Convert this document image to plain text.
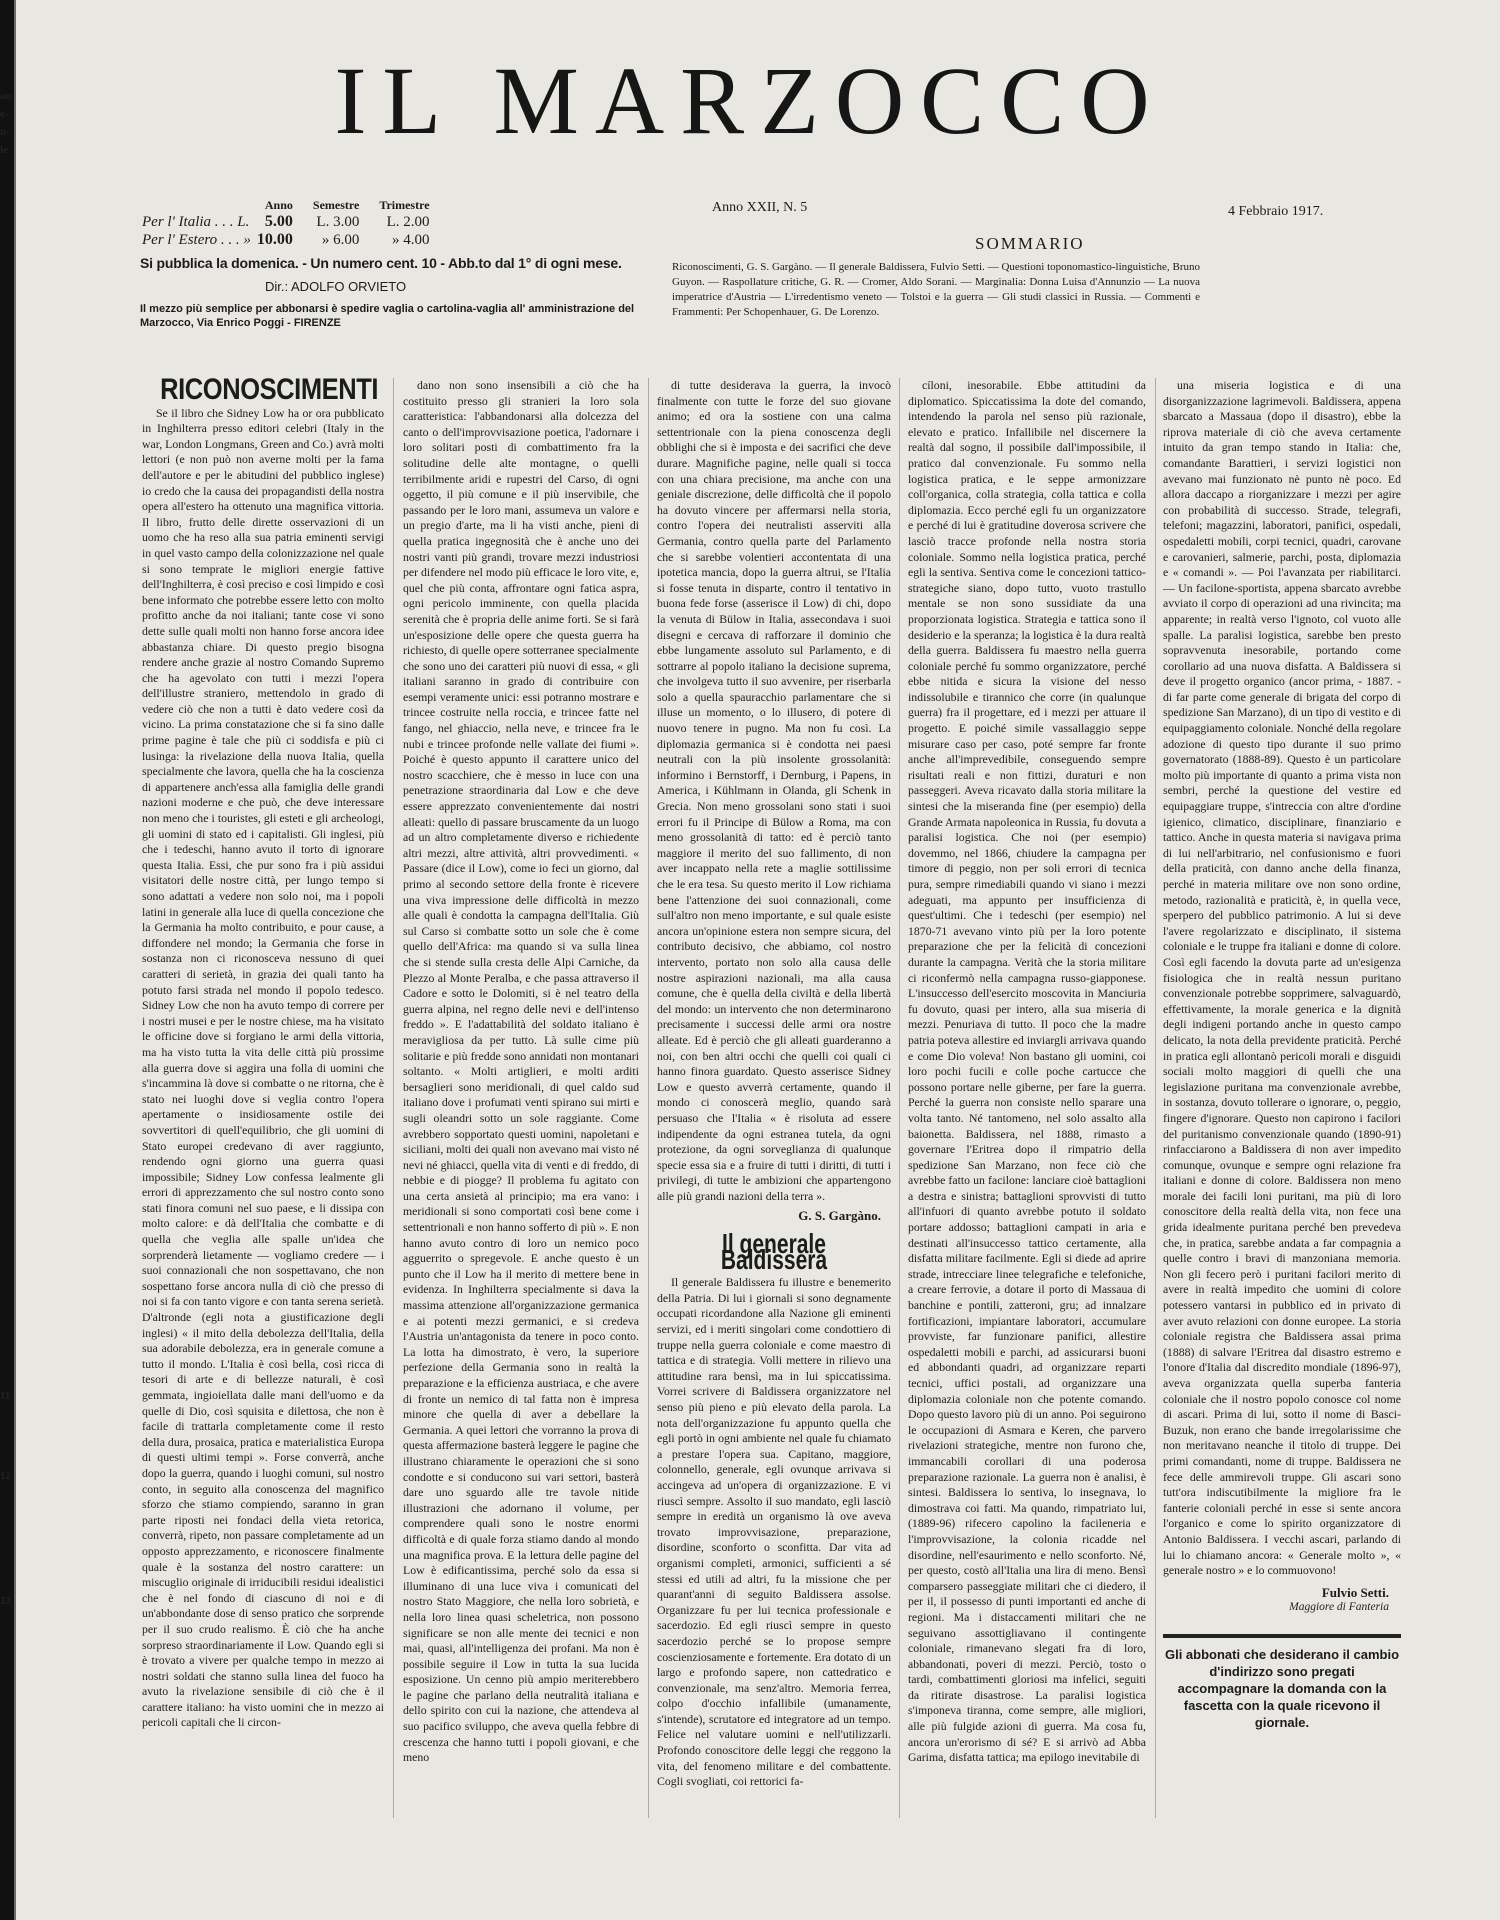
ao
e-
n-
le
11
12
13
IL MARZOCCO
	Anno	Semestre	Trimestre
Per l' Italia . . . L.	5.00	L. 3.00	L. 2.00
Per l' Estero . . . »	10.00	» 6.00	» 4.00
Si pubblica la domenica. - Un numero cent. 10 - Abb.to dal 1° di ogni mese.
Dir.: ADOLFO ORVIETO
Il mezzo più semplice per abbonarsi è spedire vaglia o cartolina-vaglia all' amministrazione del Marzocco, Via Enrico Poggi - FIRENZE
Anno XXII, N. 5	4 Febbraio 1917.
SOMMARIO
Riconoscimenti, G. S. Gargàno. — Il generale Baldissera, Fulvio Setti. — Questioni toponomastico-linguistiche, Bruno Guyon. — Raspollature critiche, G. R. — Cromer, Aldo Sorani. — Marginalia: Donna Luisa d'Annunzio — La nuova imperatrice d'Austria — L'irredentismo veneto — Tolstoi e la guerra — Gli studi classici in Russia. — Commenti e Frammenti: Per Schopenhauer, G. De Lorenzo.
RICONOSCIMENTI

Se il libro che Sidney Low ha or ora pubblicato in Inghilterra presso editori celebri (Italy in the war, London Longmans, Green and Co.) avrà molti lettori (e non può non averne molti per la fama dell'autore e per le abitudini del pubblico inglese) io credo che la causa dei propagandisti della nostra opera all'estero ha ottenuto una magnifica vittoria. Il libro, frutto delle dirette osservazioni di un uomo che ha reso alla sua patria eminenti servigi in quel vasto campo della colonizzazione nel quale si sono temprate le migliori energie fattive dell'Inghilterra, è così preciso e così limpido e così bene informato che potrebbe essere letto con molto profitto anche da noi italiani; tante cose vi sono dette sulle quali molti non hanno forse ancora idee abbastanza chiare. Di questo pregio bisogna rendere anche grazie al nostro Comando Supremo che ha agevolato con tutti i mezzi l'opera dell'illustre straniero, mettendolo in grado di vedere ciò che non a tutti è dato vedere così da vicino. La prima constatazione che si fa sino dalle prime pagine è tale che più ci soddisfa e più ci lusinga: la rivelazione della nuova Italia, quella specialmente che lavora, quella che ha la coscienza di appartenere anch'essa alla famiglia delle grandi nazioni moderne e che può, che deve interessare non meno che i touristes, gli esteti e gli archeologi, gli uomini di stato ed i capitalisti. Gli inglesi, più che i tedeschi, hanno avuto il torto di ignorare questa Italia. Essi, che pur sono fra i più assidui visitatori delle nostre città, per lungo tempo si sono adattati a vedere non solo noi, ma i popoli latini in generale alla luce di quella concezione che la Germania ha molto contribuito, e pour cause, a diffondere nel mondo; la Germania che forse in sostanza non ci riconosceva nessuno di quei caratteri di serietà, in grazia dei quali tanto ha potuto farsi strada nel mondo il popolo tedesco. Sidney Low che non ha avuto tempo di correre per i nostri musei e per le nostre chiese, ma ha visitato le officine dove si forgiano le armi della vittoria, ma ha visto tutta la vita delle città più prossime alla guerra dove si aggira una folla di uomini che s'incammina là dove si combatte o ne ritorna, che è stato nei luoghi dove si veglia contro l'opera apertamente o insidiosamente ostile dei sovvertitori di quell'equilibrio, che gli uomini di Stato europei credevano di aver raggiunto, rendendo ogni giorno una guerra quasi impossibile; Sidney Low confessa lealmente gli errori di apprezzamento che sul nostro conto sono stati finora comuni nel suo paese, e li dissipa con molto calore: e dà dell'Italia che combatte e di quella che veglia alle spalle un'idea che sorprenderà lietamente — vogliamo credere — i suoi connazionali che non sospettavano, che non sospettano forse ancora nulla di ciò che presso di noi si fa con tanto vigore e con tanta serena serietà. D'altronde (egli nota a giustificazione degli inglesi) « il mito della debolezza dell'Italia, della sua adorabile debolezza, era in generale comune a tutto il mondo. L'Italia è così bella, così ricca di tesori di arte e di bellezze naturali, è così gemmata, ingioiellata dalle mani dell'uomo e da quelle di Dio, così squisita e dilettosa, che non è facile di trattarla completamente come il resto della dura, prosaica, pratica e materialistica Europa di questi ultimi tempi ». Forse converrà, anche dopo la guerra, quando i luoghi comuni, sul nostro conto, in seguito alla conoscenza del magnifico sforzo che stiamo compiendo, saranno in gran parte riposti nei fondaci della vieta retorica, converrà, ripeto, non passare completamente ad un opposto apprezzamento, e riconoscere finalmente quale è la sostanza del nostro carattere: un miscuglio originale di irriducibili residui idealistici che è nel fondo di ciascuno di noi e di un'abbondante dose di senso pratico che sorprende per il suo crudo realismo. È ciò che ha anche sorpreso straordinariamente il Low. Quando egli si è trovato a vivere per qualche tempo in mezzo ai nostri soldati che stanno sulla linea del fuoco ha avuto la rivelazione sensibile di ciò che è il carattere italiano: ha visto uomini che in mezzo ai pericoli capitali che li circon-

dano non sono insensibili a ciò che ha costituito presso gli stranieri la loro sola caratteristica: l'abbandonarsi alla dolcezza del canto o dell'improvvisazione poetica, l'adornare i loro solitari posti di combattimento fra la solitudine delle alte montagne, o quelli terribilmente aridi e rupestri del Carso, di ogni oggetto, il più comune e il più inservibile, che passando per le loro mani, assumeva un valore e un pregio d'arte, ma li ha visti anche, pieni di quella pratica ingegnosità che è anche uno dei nostri vanti più grandi, trovare mezzi industriosi per difendere nel modo più efficace le loro vite, e, quel che più conta, affrontare ogni fatica aspra, ogni pericolo imminente, con quella placida serenità che è propria delle anime forti. Se si farà un'esposizione delle opere che questa guerra ha richiesto, di quelle opere sotterranee specialmente che sono uno dei caratteri più nuovi di essa, « gli italiani saranno in grado di contribuire con esempi veramente unici: essi potranno mostrare e trincee costruite nella roccia, e trincee fatte nel fango, nel ghiaccio, nella neve, e trincee fra le nubi e trincee profonde nelle vallate dei fiumi ». Poiché è questo appunto il carattere unico del nostro scacchiere, che è messo in luce con una penetrazione straordinaria dal Low e che deve essere apprezzato convenientemente dai nostri alleati: quello di passare bruscamente da un luogo ad un altro completamente diverso e richiedente altri mezzi, altre attività, altri provvedimenti. « Passare (dice il Low), come io feci un giorno, dal primo al secondo settore della fronte è ricevere una viva impressione delle difficoltà in mezzo alle quali è condotta la campagna dell'Italia. Giù sul Carso si combatte sotto un sole che è come quello dell'Africa: ma quando si va sulla linea che si stende sulla cresta delle Alpi Carniche, da Plezzo al Monte Peralba, e che passa attraverso il Cadore e sotto le Dolomiti, si è nel teatro della guerra alpina, nel regno delle nevi e dell'intenso freddo ». E l'adattabilità del soldato italiano è meravigliosa da per tutto. Là sulle cime più solitarie e più fredde sono annidati non montanari soltanto. « Molti artiglieri, e molti arditi bersaglieri sono meridionali, di quel caldo sud italiano dove i profumati venti spirano sui mirti e sugli oleandri sotto un sole raggiante. Come avrebbero sopportato questi uomini, napoletani e siciliani, molti dei quali non avevano mai visto né nevi né ghiacci, quella vita di venti e di freddo, di nebbie e di piogge? Il problema fu agitato con una certa ansietà al principio; ma era vano: i meridionali si sono comportati così bene come i settentrionali e non hanno sofferto di più ». E non hanno avuto contro di loro un nemico poco agguerrito o spregevole. E anche questo è un punto che il Low ha il merito di mettere bene in evidenza. In Inghilterra specialmente si dava la massima attenzione all'organizzazione germanica e ai potenti mezzi germanici, e si credeva l'Austria un'antagonista da tenere in poco conto. La lotta ha dimostrato, è vero, la superiore perfezione della Germania sono in realtà la preparazione e la efficienza austriaca, e che avere di fronte un nemico di tal fatta non è impresa minore che quella di aver a debellare la Germania. A quei lettori che vorranno la prova di questa affermazione basterà leggere le pagine che illustrano chiaramente le operazioni che si sono condotte e si conducono sui vari settori, basterà dare uno sguardo alle tre tavole nitide illustrazioni che adornano il volume, per comprendere quali sono le nostre enormi difficoltà e di quale forza stiamo dando al mondo una magnifica prova. E la lettura delle pagine del Low è edificantissima, perché solo da essa si illuminano di una luce viva i comunicati del nostro Stato Maggiore, che nella loro sobrietà, e nella loro linea quasi scheletrica, non possono significare se non alle mente dei tecnici e non mai, quasi, all'intelligenza dei profani. Ma non è possibile seguire il Low in tutta la sua lucida esposizione. Un cenno più ampio meriterebbero le pagine che parlano della neutralità italiana e dello spirito con cui la nazione, che attendeva al suo pacifico sviluppo, che aveva quella febbre di crescenza che hanno tutti i popoli giovani, e che meno

di tutte desiderava la guerra, la invocò finalmente con tutte le forze del suo giovane animo; ed ora la sostiene con una calma settentrionale con la piena conoscenza degli obblighi che si è imposta e dei sacrifici che deve durare. Magnifiche pagine, nelle quali si tocca con una chiara precisione, ma anche con una geniale discrezione, delle difficoltà che il popolo ha dovuto vincere per affermarsi nella storia, contro l'opera dei neutralisti asserviti alla Germania, contro quella parte del Parlamento che si sarebbe volentieri accontentata di una ipotetica mancia, dopo la guerra altrui, se l'Italia si fosse tenuta in disparte, contro il tentativo in buona fede forse (asserisce il Low) di chi, dopo la venuta di Bülow in Italia, assecondava i suoi disegni e cercava di rafforzare il dominio che ebbe lungamente assoluto sul Parlamento, e di sottrarre al popolo italiano la decisione suprema, che involgeva tutto il suo avvenire, per riserbarla solo a quella spauracchio parlamentare che si illuse un momento, o lo illusero, di potere di nuovo tenere in pugno. Ma non fu così. La diplomazia germanica si è condotta nei paesi neutrali con la più insolente grossolanità: informino i Bernstorff, i Dernburg, i Papens, in America, i Kühlmann in Olanda, gli Schenk in Grecia. Non meno grossolani sono stati i suoi errori fu il Principe di Bülow a Roma, ma con meno grossolanità di tatto: ed è perciò tanto maggiore il merito del suo fallimento, di non aver incappato nella rete a maglie sottilissime che le era tesa. Su questo merito il Low richiama bene l'attenzione dei suoi connazionali, come sull'altro non meno importante, e sul quale esiste ancora un'opinione estera non sempre sicura, del contributo decisivo, che abbiamo, col nostro intervento, portato non solo alla causa delle nostre aspirazioni nazionali, ma alla causa comune, che è quella della civiltà e della libertà del mondo: un intervento che non determinarono precisamente i successi delle armi ora nostre alleate. Ed è perciò che gli alleati guarderanno a noi, con ben altri occhi che quelli coi quali ci hanno finora guardato. Questo asserisce Sidney Low e questo avverrà certamente, quando il mondo ci conoscerà meglio, quando sarà persuaso che l'Italia « è risoluta ad essere indipendente da ogni estranea tutela, da ogni protezione, da ogni sorveglianza di qualunque specie essa sia e a fruire di tutti i diritti, di tutti i privilegi, di tutte le ambizioni che appartengono alle più grandi nazioni della terra ».

G. S. Gargàno.
Il generale Baldissera

Il generale Baldissera fu illustre e benemerito della Patria. Di lui i giornali si sono degnamente occupati ricordandone alla Nazione gli eminenti servizi, ed i meriti singolari come condottiero di truppe nella guerra coloniale e come maestro di tattica e di strategia. Volli mettere in rilievo una attitudine rara bensì, ma in lui spiccatissima. Vorrei scrivere di Baldissera organizzatore nel senso più pieno e più elevato della parola. La nota dell'organizzazione fu appunto quella che egli portò in ogni ambiente nel quale fu chiamato a prestare l'opera sua. Capitano, maggiore, colonnello, generale, egli ovunque arrivava si accingeva ad un'opera di organizzazione. E vi riuscì sempre. Assolto il suo mandato, egli lasciò sempre in eredità un organismo là ove aveva trovato improvvisazione, preparazione, disordine, sconforto o sconfitta. Dar vita ad organismi completi, armonici, sufficienti a sé stessi ed utili ad altri, fu la missione che per quarant'anni di seguito Baldissera assolse. Organizzare fu per lui tecnica professionale e sacerdozio. Ed egli riuscì sempre in questo sacerdozio perché se lo propose sempre coscienziosamente e fortemente. Era dotato di un largo e profondo sapere, non cattedratico e convenzionale, ma senz'altro. Memoria ferrea, colpo d'occhio infallibile (umanamente, s'intende), scrutatore ed integratore ad un tempo. Felice nel valutare uomini e nell'utilizzarli. Profondo conoscitore delle leggi che reggono la vita, del fenomeno militare e del combattente. Cogli svogliati, coi rettorici fa-

cíloni, inesorabile. Ebbe attitudini da diplomatico. Spiccatissima la dote del comando, intendendo la parola nel senso più razionale, elevato e pratico. Infallibile nel discernere la realtà dal sogno, il possibile dall'impossibile, il pratico dal convenzionale. Fu sommo nella logistica pratica, e le seppe armonizzare coll'organica, colla strategia, colla tattica e colla diplomazia. Ecco perché egli fu un organizzatore e perché di lui è gratitudine doverosa scrivere che lasciò tracce profonde nella nostra storia coloniale. Sommo nella logistica pratica, perché egli la sentiva. Sentiva come le concezioni tattico-strategiche siano, dopo tutto, vuoto trastullo mentale se non sono sussidiate da una proporzionata logistica. Strategia e tattica sono il desiderio e la speranza; la logistica è la dura realtà della guerra. Baldissera fu maestro nella guerra coloniale perché fu sommo organizzatore, perché ebbe nitida e sicura la visione del nesso indissolubile e tirannico che corre (in qualunque guerra) fra il progettare, ed i mezzi per attuare il progetto. E poiché simile vassallaggio seppe misurare caso per caso, poté sempre far fronte anche all'imprevedibile, conseguendo sempre risultati reali e non fittizi, duraturi e non passeggeri. Aveva ricavato dalla storia militare la sintesi che la miseranda fine (per esempio) della Grande Armata napoleonica in Russia, fu dovuta a paralisi logistica. Che noi (per esempio) dovemmo, nel 1866, chiudere la campagna per timore di peggio, non per soli errori di tecnica pura, sempre rimediabili quando vi siano i mezzi adeguati, ma appunto per insufficienza di quest'ultimi. Che i tedeschi (per esempio) nel 1870-71 avevano vinto più per la loro potente preparazione che per la felicità di concezioni durante la campagna. Verità che la storia militare ci riconfermò nella campagna russo-giapponese. L'insuccesso dell'esercito moscovita in Manciuria fu dovuto, quasi per intero, alla sua miseria di mezzi. Penuriava di tutto. Il poco che la madre patria poteva allestire ed inviargli arrivava quando e come Dio voleva! Non bastano gli uomini, coi loro pochi fucili e colle poche cartucce che possono portare nelle giberne, per fare la guerra. Perché la guerra non consiste nello sparare una volta tanto. Né tantomeno, nel solo assalto alla baionetta. Baldissera, nel 1888, rimasto a governare l'Eritrea dopo il rimpatrio della spedizione San Marzano, non fece ciò che avrebbe fatto un facilone: lanciare cioè battaglioni a destra e sinistra; battaglioni sprovvisti di tutto all'infuori di quanto avrebbe potuto il soldato portare addosso; battaglioni campati in aria e destinati all'insuccesso tattico certamente, alla disfatta militare facilmente. Egli si diede ad aprire strade, intrecciare linee telegrafiche e telefoniche, a creare ferrovie, a dotare il porto di Massaua di banchine e pontili, zatteroni, gru; ad innalzare fortificazioni, impiantare laboratori, accumulare provviste, far funzionare panifici, allestire ospedaletti mobili e parchi, ad assicurarsi buoni ed abbondanti quadri, ad organizzare reparti tecnici, uffici postali, ad organizzare una diplomazia coloniale non che potente comando. Dopo questo lavoro più di un anno. Poi seguirono le occupazioni di Asmara e Keren, che parvero rivelazioni strategiche, mentre non furono che, immancabili corollari di una poderosa preparazione razionale. La guerra non è analisi, è sintesi. Baldissera lo sentiva, lo insegnava, lo dimostrava coi fatti. Ma quando, rimpatriato lui, (1889-96) rifecero capolino la facileneria e l'improvvisazione, la colonia ricadde nel disordine, nell'esaurimento e nello sconforto. Né, per questo, costò all'Italia una lira di meno. Bensì comparsero passeggiate militari che ci diedero, il per il, il possesso di punti importanti ed anche di regioni. Ma i distaccamenti militari che ne seguivano assottigliavano il contingente coloniale, rimanevano slegati fra di loro, abbandonati, poveri di mezzi. Perciò, tosto o tardi, combattimenti gloriosi ma infelici, seguiti da ritirate disastrose. La paralisi logistica s'imponeva tiranna, come sempre, alle migliori, alle più fulgide azioni di guerra. Ma cosa fu, ancora un'erorismo di sé? E si arrivò ad Abba Garima, disfatta tattica; ma epilogo inevitabile di

una miseria logistica e di una disorganizzazione lagrimevoli. Baldissera, appena sbarcato a Massaua (dopo il disastro), ebbe la riprova materiale di ciò che aveva certamente intuito da gran tempo stando in Italia: che, comandante Barattieri, i servizi logistici non avevano mai funzionato nè punto nè poco. Ed allora daccapo a riorganizzare i mezzi per agire con probabilità di successo. Strade, telegrafi, telefoni; magazzini, laboratori, panifici, ospedali, ospedaletti mobili, corpi tecnici, quadri, carovane e carovanieri, salmerie, parchi, posta, diplomazia e « comandi ». — Poi l'avanzata per riabilitarci. — Un facilone-sportista, appena sbarcato avrebbe avviato il corpo di operazioni ad una rivincita; ma apparente; in realtà verso l'ignoto, col vuoto alle spalle. La paralisi logistica, sarebbe ben presto sopravvenuta inesorabile, portando come corollario ad una nuova disfatta. A Baldissera si deve il progetto organico (ancor prima, - 1887. - di far parte come generale di brigata del corpo di spedizione San Marzano), di un tipo di vestito e di equipaggiamento coloniale. Nonché della regolare adozione di questo tipo durante il suo primo governatorato (1888-89). Questo è un particolare molto più importante di quanto a prima vista non sembri, perché la questione del vestire ed equipaggiare truppe, s'intreccia con altre d'ordine igienico, climatico, disciplinare, finanziario e tattico. Anche in questa materia si navigava prima di lui nell'arbitrario, nel confusionismo e fuori della praticità, con danno anche della finanza, perché in materia militare ove non sono ordine, metodo, razionalità e praticità, è, in quella vece, sperpero del pubblico patrimonio. A lui si deve l'avere regolarizzato e disciplinato, il sistema coloniale e le truppe fra italiani e donne di colore. Così egli facendo la dovuta parte ad un'esigenza fisiologica che in realtà nessun puritano convenzionale potrebbe sopprimere, salvaguardò, effettivamente, la morale generica e la dignità degli indigeni portando anche in questo campo delicato, la nota della previdente praticità. Perché in pratica egli allontanò pericoli morali e disguidi sociali molto maggiori di quelli che una legislazione puritana ma convenzionale avrebbe, in sostanza, dovuto tollerare o ignorare, o, peggio, fingere d'ignorare. Questo non capirono i facilori del puritanismo convenzionale quando (1890-91) rinfacciarono a Baldissera di non aver impedito comunque, ovunque e sempre ogni relazione fra italiani e donne di colore. Baldissera non meno morale dei facili loni puritani, ma più di loro conoscitore della realtà della vita, non fece una grida idealmente puritana perché ben prevedeva che, in pratica, sarebbe andata a far compagnia a quelle contro i bravi di manzoniana memoria. Non gli fecero però i puritani facilori merito di avere in realtà impedito che uomini di colore potessero vantarsi in pubblico ed in privato di aver avuto relazioni con donne europee. La storia coloniale registra che Baldissera assai prima (1888) di salvare l'Eritrea dal disastro estremo e l'onore d'Italia dal discredito mondiale (1896-97), aveva organizzata quella superba fanteria coloniale che il nostro popolo conosce col nome di ascari. Prima di lui, sotto il nome di Basci-Buzuk, non erano che bande irregolarissime che non meritavano neanche il titolo di truppe. Dei primi comandanti, nome di truppe. Baldissera ne fece delle ammirevoli truppe. Gli ascari sono tutt'ora indiscutibilmente la migliore fra le fanterie coloniali perché in esse si sente ancora l'organico e come lo spirito organizzatore di Antonio Baldissera. I vecchi ascari, parlando di lui lo chiamano ancora: « Generale molto », « generale nostro » e lo commuovono!

Fulvio Setti.
Maggiore di Fanteria
Gli abbonati che desiderano il cambio d'indirizzo sono pregati accompagnare la domanda con la fascetta con la quale ricevono il giornale.
